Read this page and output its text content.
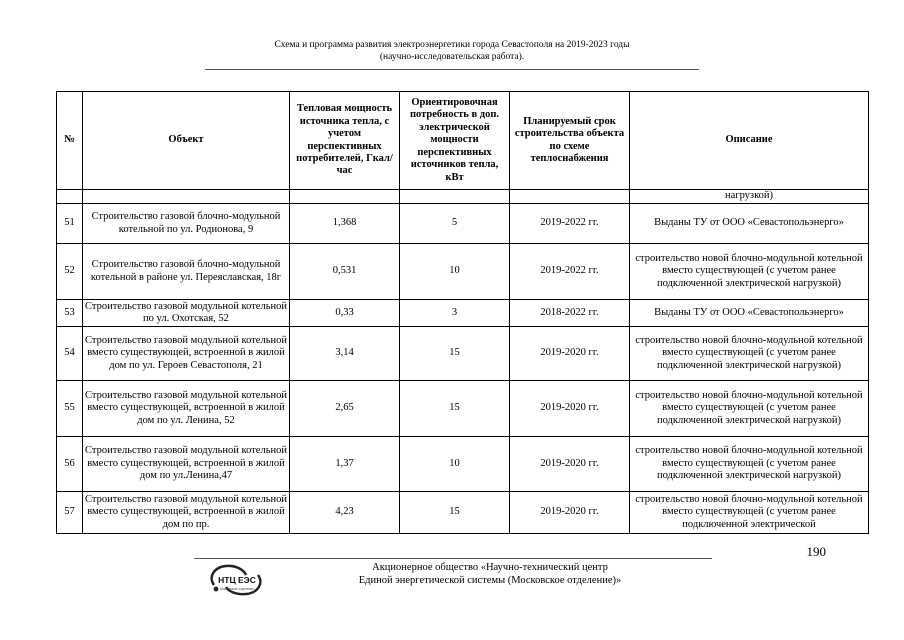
Схема и программа развития электроэнергетики города Севастополя на 2019-2023 годы
(научно-исследовательская работа).
№	Объект	Тепловая мощность источника тепла, с учетом перспективных потребителей, Гкал/час	Ориентировочная потребность в доп. электрической мощности перспективных источников тепла, кВт	Планируемый срок строительства объекта по схеме теплоснабжения	Описание
					нагрузкой)
51	Строительство газовой блочно-модульной котельной по ул. Родионова, 9	1,368	5	2019-2022 гг.	Выданы ТУ от ООО «Севастопольэнерго»
52	Строительство газовой блочно-модульной котельной в районе ул. Переяславская, 18г	0,531	10	2019-2022 гг.	строительство новой блочно-модульной котельной вместо существующей (с учетом ранее подключенной электрической нагрузкой)
53	Строительство газовой модульной котельной по ул. Охотская, 52	0,33	3	2018-2022 гг.	Выданы ТУ от ООО «Севастопольэнерго»
54	Строительство газовой модульной котельной вместо существующей, встроенной в жилой дом по ул. Героев Севастополя, 21	3,14	15	2019-2020 гг.	строительство новой блочно-модульной котельной вместо существующей (с учетом ранее подключенной электрической нагрузкой)
55	Строительство газовой модульной котельной вместо существующей, встроенной в жилой дом по ул. Ленина, 52	2,65	15	2019-2020 гг.	строительство новой блочно-модульной котельной вместо существующей (с учетом ранее подключенной электрической нагрузкой)
56	Строительство газовой модульной котельной вместо существующей, встроенной в жилой дом по ул.Ленина,47	1,37	10	2019-2020 гг.	строительство новой блочно-модульной котельной вместо существующей (с учетом ранее подключенной электрической нагрузкой)
57	Строительство газовой модульной котельной вместо существующей, встроенной в жилой дом по пр.	4,23	15	2019-2020 гг.	строительство новой блочно-модульной котельной вместо существующей (с учетом ранее подключенной электрической
190
НТЦ ЕЭС
Московское отделение
Акционерное общество «Научно-технический центр
Единой энергетической системы (Московское отделение)»
